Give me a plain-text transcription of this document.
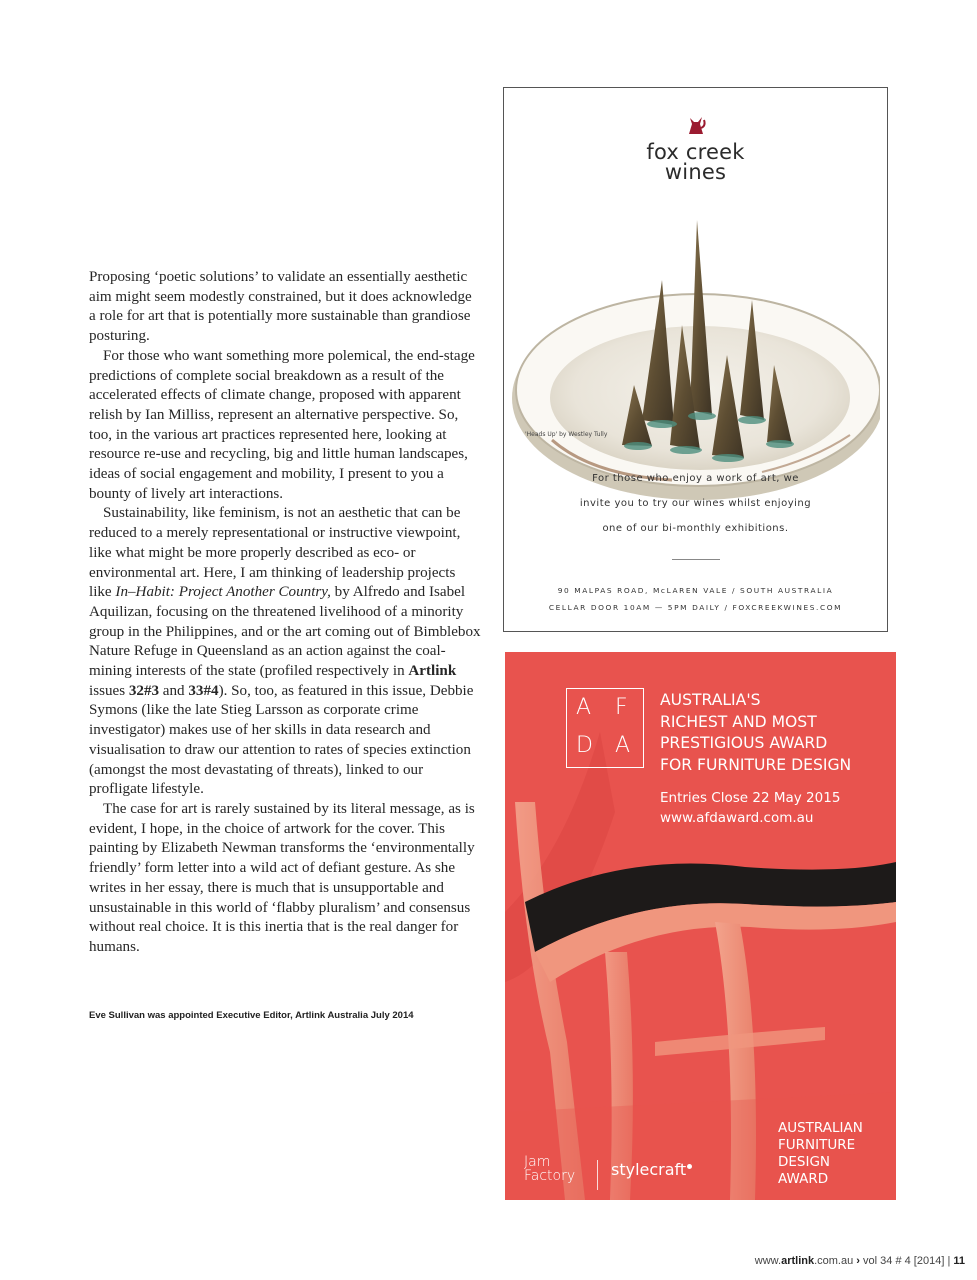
Proposing ‘poetic solutions’ to validate an essentially aesthetic aim might seem modestly constrained, but it does acknowledge a role for art that is potentially more sustainable than grandiose posturing.

For those who want something more polemical, the end-stage predictions of complete social breakdown as a result of the accelerated effects of climate change, proposed with apparent relish by Ian Milliss, represent an alternative perspective. So, too, in the various art practices represented here, looking at resource re-use and recycling, big and little human landscapes, ideas of social engagement and mobility, I present to you a bounty of lively art interactions.

Sustainability, like feminism, is not an aesthetic that can be reduced to a merely representational or instructive viewpoint, like what might be more properly described as eco- or environmental art. Here, I am thinking of leadership projects like In–Habit: Project Another Country, by Alfredo and Isabel Aquilizan, focusing on the threatened livelihood of a minority group in the Philippines, and or the art coming out of Bimblebox Nature Refuge in Queensland as an action against the coal-mining interests of the state (profiled respectively in Artlink issues 32#3 and 33#4). So, too, as featured in this issue, Debbie Symons (like the late Stieg Larsson as corporate crime investigator) makes use of her skills in data research and visualisation to draw our attention to rates of species extinction (amongst the most devastating of threats), linked to our profligate lifestyle.

The case for art is rarely sustained by its literal message, as is evident, I hope, in the choice of artwork for the cover. This painting by Elizabeth Newman transforms the ‘environmentally friendly’ form letter into a wild act of defiant gesture. As she writes in her essay, there is much that is unsupportable and unsustainable in this world of ‘flabby pluralism’ and consensus without real choice. It is this inertia that is the real danger for humans.

Eve Sullivan was appointed Executive Editor, Artlink Australia July 2014
fox creek
wines
'Heads Up' by Westley Tully
For those who enjoy a work of art, we
invite you to try our wines whilst enjoying
one of our bi-monthly exhibitions.
90 MALPAS ROAD, McLAREN VALE / SOUTH AUSTRALIA
CELLAR DOOR 10AM — 5PM DAILY / FOXCREEKWINES.COM
A F
D A
AUSTRALIA'S
RICHEST AND MOST
PRESTIGIOUS AWARD
FOR FURNITURE DESIGN
Entries Close 22 May 2015
www.afdaward.com.au
AUSTRALIAN
FURNITURE
DESIGN
AWARD
Jam
Factory stylecraft
www.artlink.com.au › vol 34 # 4 [2014] | 11
